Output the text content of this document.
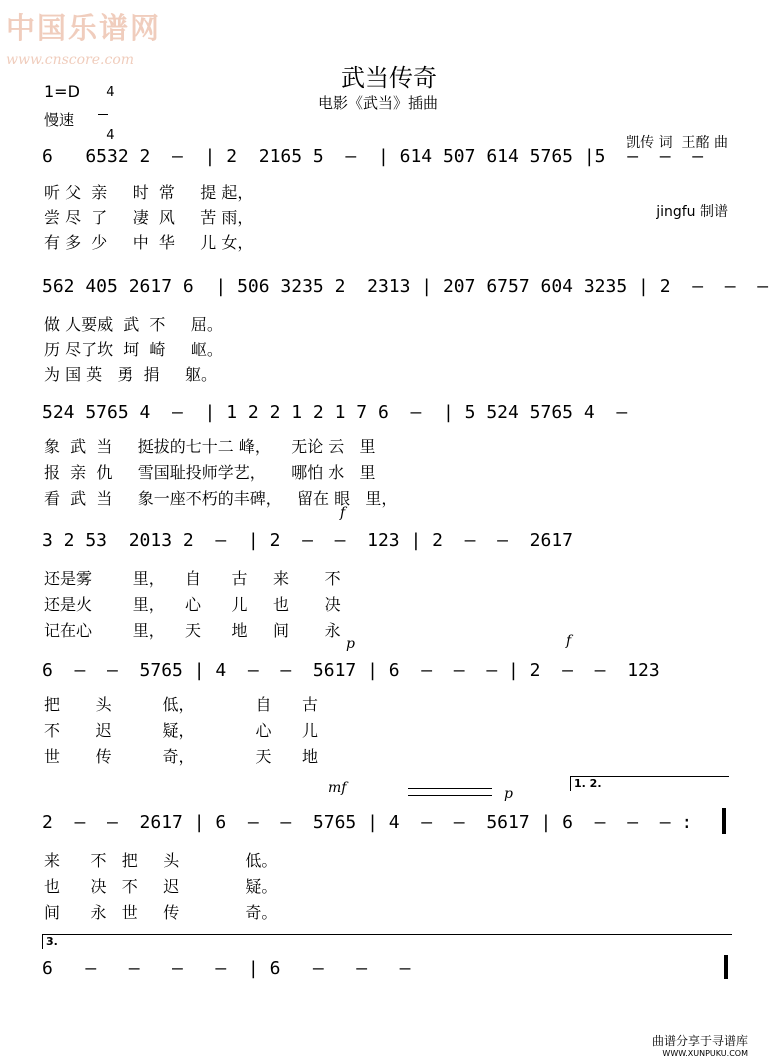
中国乐谱网
www.cnscore.com
武当传奇
电影《武当》插曲

凯传 词  王酩 曲

jingfu 制谱

1=D	4

4

慢速
6   6532 2  –  | 2  2165 5  –  | 614 507 614 5765 |5  –  –  –
听 父  亲     时  常     提 起，
尝 尽  了     凄  风     苦 雨，
有 多  少     中  华     儿 女，
562 405 2617 6  | 506 3235 2  2313 | 207 6757 604 3235 | 2  –  –  –
做 人要威  武  不     屈。
历 尽了坎  坷  崎     岖。
为 国 英   勇  捐     躯。
524 5765 4  –  | 1 2 2 1 2 1 7 6  –  | 5 524 5765 4  –
象  武  当     挺拔的七十二 峰，    无论 云   里
报  亲  仇     雪国耻投师学艺，     哪怕 水   里
看  武  当     象一座不朽的丰碑，   留在 眼   里，
f
3 2 53  2013 2  –  | 2  –  –  123 | 2  –  –  2617
还是雾        里，    自      古     来       不
还是火        里，    心      儿     也       决
记在心        里，    天      地     间       永
p	f
6  –  –  5765 | 4  –  –  5617 | 6  –  –  – | 2  –  –  123
把       头          低，            自      古
不       迟          疑，            心      儿
世       传          奇，            天      地
mf	p
1. 2.
2  –  –  2617 | 6  –  –  5765 | 4  –  –  5617 | 6  –  –  – :
来      不   把     头             低。
也      决   不     迟             疑。
间      永   世     传             奇。
3.
6   –   –   –   –  | 6   –   –   –
曲谱分享于寻谱库
WWW.XUNPUKU.COM
